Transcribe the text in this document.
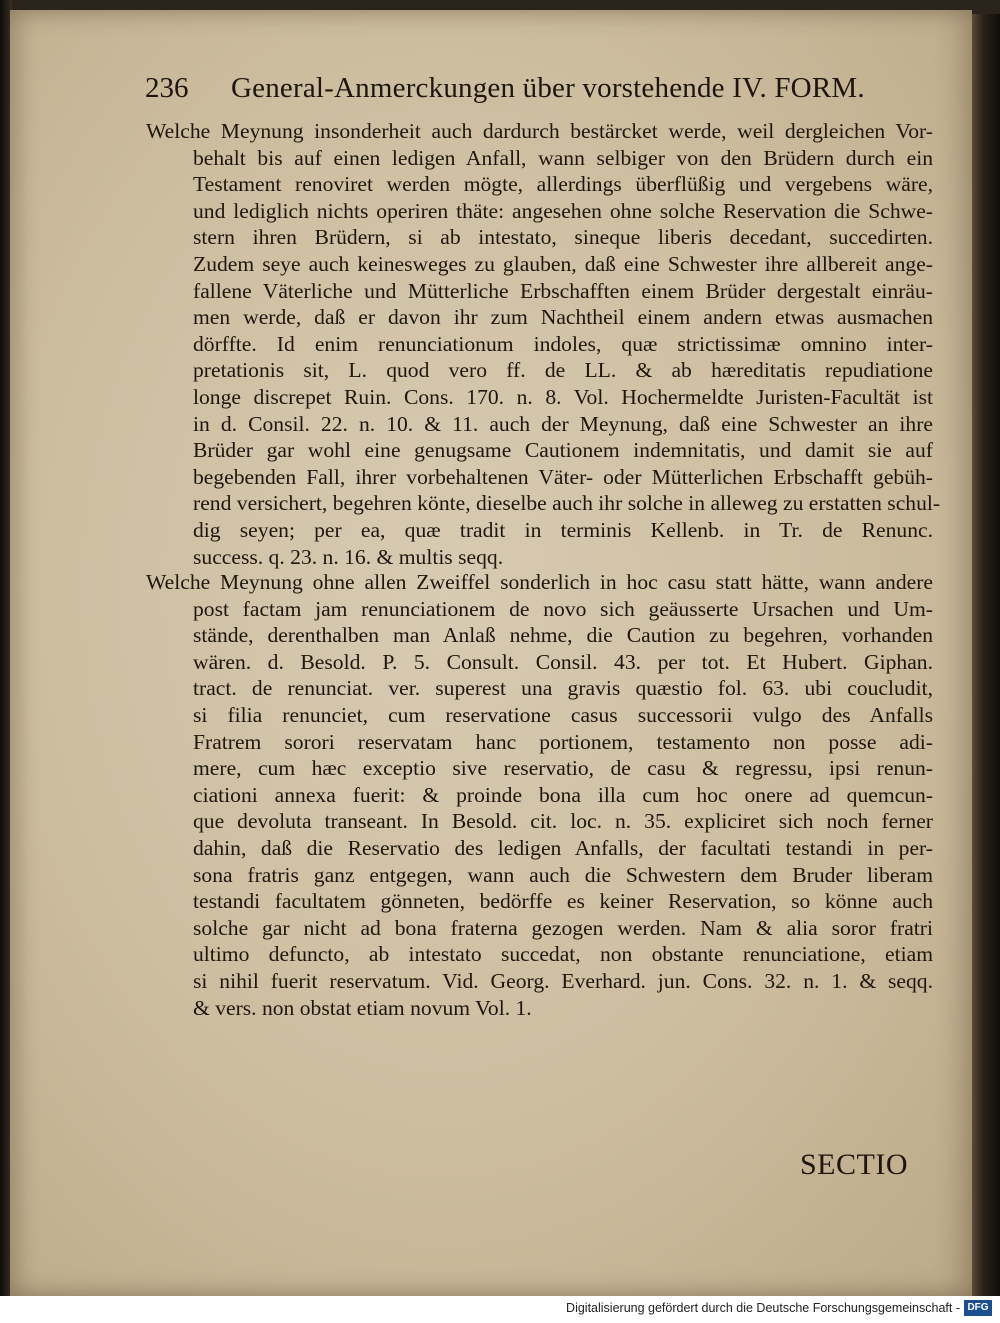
236 General-Anmerckungen über vorstehende IV. FORM.
Welche Meynung insonderheit auch dardurch bestärcket werde, weil dergleichen Vor-
behalt bis auf einen ledigen Anfall, wann selbiger von den Brüdern durch ein
Testament renoviret werden mögte, allerdings überflüßig und vergebens wäre,
und lediglich nichts operiren thäte: angesehen ohne solche Reservation die Schwe-
stern ihren Brüdern, si ab intestato, sineque liberis decedant, succedirten.
Zudem seye auch keinesweges zu glauben, daß eine Schwester ihre allbereit ange-
fallene Väterliche und Mütterliche Erbschafften einem Brüder dergestalt einräu-
men werde, daß er davon ihr zum Nachtheil einem andern etwas ausmachen
dörffte. Id enim renunciationum indoles, quæ strictissimæ omnino inter-
pretationis sit, L. quod vero ff. de LL. & ab hæreditatis repudiatione
longe discrepet Ruin. Cons. 170. n. 8. Vol. Hochermeldte Juristen-Facultät ist
in d. Consil. 22. n. 10. & 11. auch der Meynung, daß eine Schwester an ihre
Brüder gar wohl eine genugsame Cautionem indemnitatis, und damit sie auf
begebenden Fall, ihrer vorbehaltenen Väter- oder Mütterlichen Erbschafft gebüh-
rend versichert, begehren könte, dieselbe auch ihr solche in alleweg zu erstatten schul-
dig seyen; per ea, quæ tradit in terminis Kellenb. in Tr. de Renunc.
success. q. 23. n. 16. & multis seqq.
Welche Meynung ohne allen Zweiffel sonderlich in hoc casu statt hätte, wann andere
post factam jam renunciationem de novo sich geäusserte Ursachen und Um-
stände, derenthalben man Anlaß nehme, die Caution zu begehren, vorhanden
wären. d. Besold. P. 5. Consult. Consil. 43. per tot. Et Hubert. Giphan.
tract. de renunciat. ver. superest una gravis quæstio fol. 63. ubi coucludit,
si filia renunciet, cum reservatione casus successorii vulgo des Anfalls
Fratrem sorori reservatam hanc portionem, testamento non posse adi-
mere, cum hæc exceptio sive reservatio, de casu & regressu, ipsi renun-
ciationi annexa fuerit: & proinde bona illa cum hoc onere ad quemcun-
que devoluta transeant. In Besold. cit. loc. n. 35. expliciret sich noch ferner
dahin, daß die Reservatio des ledigen Anfalls, der facultati testandi in per-
sona fratris ganz entgegen, wann auch die Schwestern dem Bruder liberam
testandi facultatem gönneten, bedörffe es keiner Reservation, so könne auch
solche gar nicht ad bona fraterna gezogen werden. Nam & alia soror fratri
ultimo defuncto, ab intestato succedat, non obstante renunciatione, etiam
si nihil fuerit reservatum. Vid. Georg. Everhard. jun. Cons. 32. n. 1. & seqq.
& vers. non obstat etiam novum Vol. 1.
SECTIO
Digitalisierung gefördert durch die Deutsche Forschungsgemeinschaft - DFG
